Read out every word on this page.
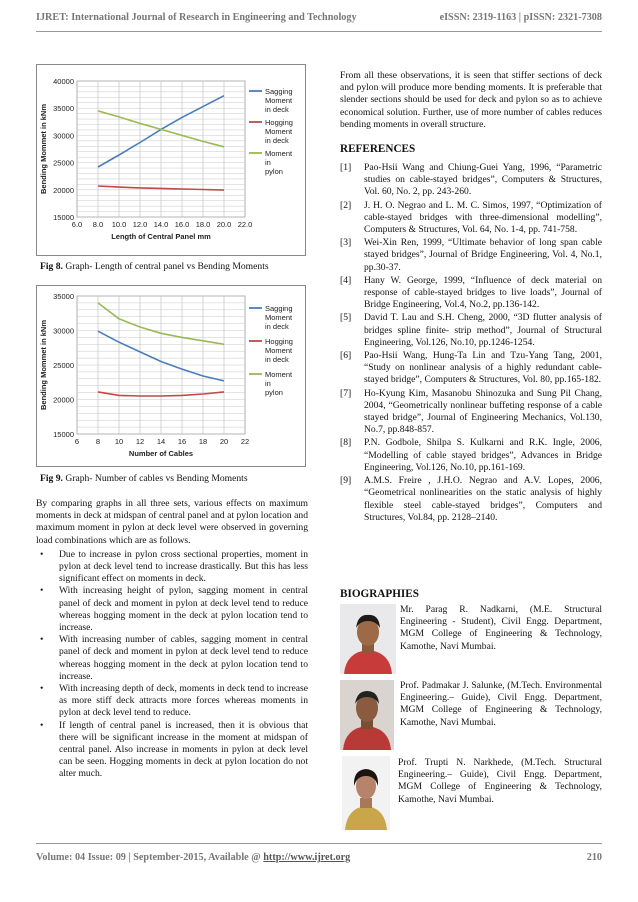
IJRET: International Journal of Research in Engineering and Technology	eISSN: 2319-1163 | pISSN: 2321-7308
6.0 8.0 10.0 12.0 14.0 16.0 18.0 20.0 22.0
15000
20000
25000
30000
35000
40000
Length of Central Panel mm
Bending Mommet in kNm
Sagging
Moment
in deck
Hogging
Moment
in deck
Moment
in
pylon
Fig 8. Graph- Length of central panel vs Bending Moments
6 8 10 12 14 16 18 20 22
15000
20000
25000
30000
35000
Number of Cables
Bending Mommet in kNm
Sagging
Moment
in deck
Hogging
Moment
in deck
Moment
in
pylon
Fig 9. Graph- Number of cables vs Bending Moments

By comparing graphs in all three sets, various effects on maximum moments in deck at midspan of central panel and at pylon location and maximum moment in pylon at deck level were observed in governing load combinations which are as follows.

• Due to increase in pylon cross sectional properties, moment in pylon at deck level tend to increase drastically. But this has less significant effect on moments in deck.
• With increasing height of pylon, sagging moment in central panel of deck and moment in pylon at deck level tend to reduce whereas hogging moment in the deck at pylon location tend to increase.
• With increasing number of cables, sagging moment in central panel of deck and moment in pylon at deck level tend to reduce whereas hogging moment in the deck at pylon location tend to increase.
• With increasing depth of deck, moments in deck tend to increase as more stiff deck attracts more forces whereas moments in pylon at deck level tend to reduce.
• If length of central panel is increased, then it is obvious that there will be significant increase in the moment at midspan of central panel. Also increase in moments in pylon at deck level can be seen. Hogging moments in deck at pylon location do not alter much.

From all these observations, it is seen that stiffer sections of deck and pylon will produce more bending moments. It is preferable that slender sections should be used for deck and pylon so as to achieve economical solution. Further, use of more number of cables reduces bending moments in overall structure.

REFERENCES
[1] Pao-Hsii Wang and Chiung-Guei Yang, 1996, “Parametric studies on cable-stayed bridges”, Computers & Structures, Vol. 60, No. 2, pp. 243-260.
[2] J. H. O. Negrao and L. M. C. Simos, 1997, “Optimization of cable-stayed bridges with three-dimensional modelling”, Computers & Structures, Vol. 64, No. 1-4, pp. 741-758.
[3] Wei-Xin Ren, 1999, “Ultimate behavior of long span cable stayed bridges”, Journal of Bridge Engineering, Vol. 4, No.1, pp.30-37.
[4] Hany W. George, 1999, “Influence of deck material on response of cable-stayed bridges to live loads”, Journal of Bridge Engineering, Vol.4, No.2, pp.136-142.
[5] David T. Lau and S.H. Cheng, 2000, “3D flutter analysis of bridges spline finite- strip method”, Journal of Structural Engineering, Vol.126, No.10, pp.1246-1254.
[6] Pao-Hsii Wang, Hung-Ta Lin and Tzu-Yang Tang, 2001, “Study on nonlinear analysis of a highly redundant cable-stayed bridge”, Computers & Structures, Vol. 80, pp.165-182.
[7] Ho-Kyung Kim, Masanobu Shinozuka and Sung Pil Chang, 2004, “Geometrically nonlinear buffeting response of a cable stayed bridge”, Journal of Engineering Mechanics, Vol.130, No.7, pp.848-857.
[8] P.N. Godbole, Shilpa S. Kulkarni and R.K. Ingle, 2006, “Modelling of cable stayed bridges”, Advances in Bridge Engineering, Vol.126, No.10, pp.161-169.
[9] A.M.S. Freire , J.H.O. Negrao and A.V. Lopes, 2006, “Geometrical nonlinearities on the static analysis of highly flexible steel cable-stayed bridges”, Computers and Structures, Vol.84, pp. 2128–2140.
BIOGRAPHIES
Mr. Parag R. Nadkarni, (M.E. Structural Engineering - Student), Civil Engg. Department, MGM College of Engineering & Technology, Kamothe, Navi Mumbai.
Prof. Padmakar J. Salunke, (M.Tech. Environmental Engineering.– Guide), Civil Engg. Department, MGM College of Engineering & Technology, Kamothe, Navi Mumbai.
Prof. Trupti N. Narkhede, (M.Tech. Structural Engineering.– Guide), Civil Engg. Department, MGM College of Engineering & Technology, Kamothe, Navi Mumbai.
Volume: 04 Issue: 09 | September-2015, Available @ http://www.ijret.org	210
